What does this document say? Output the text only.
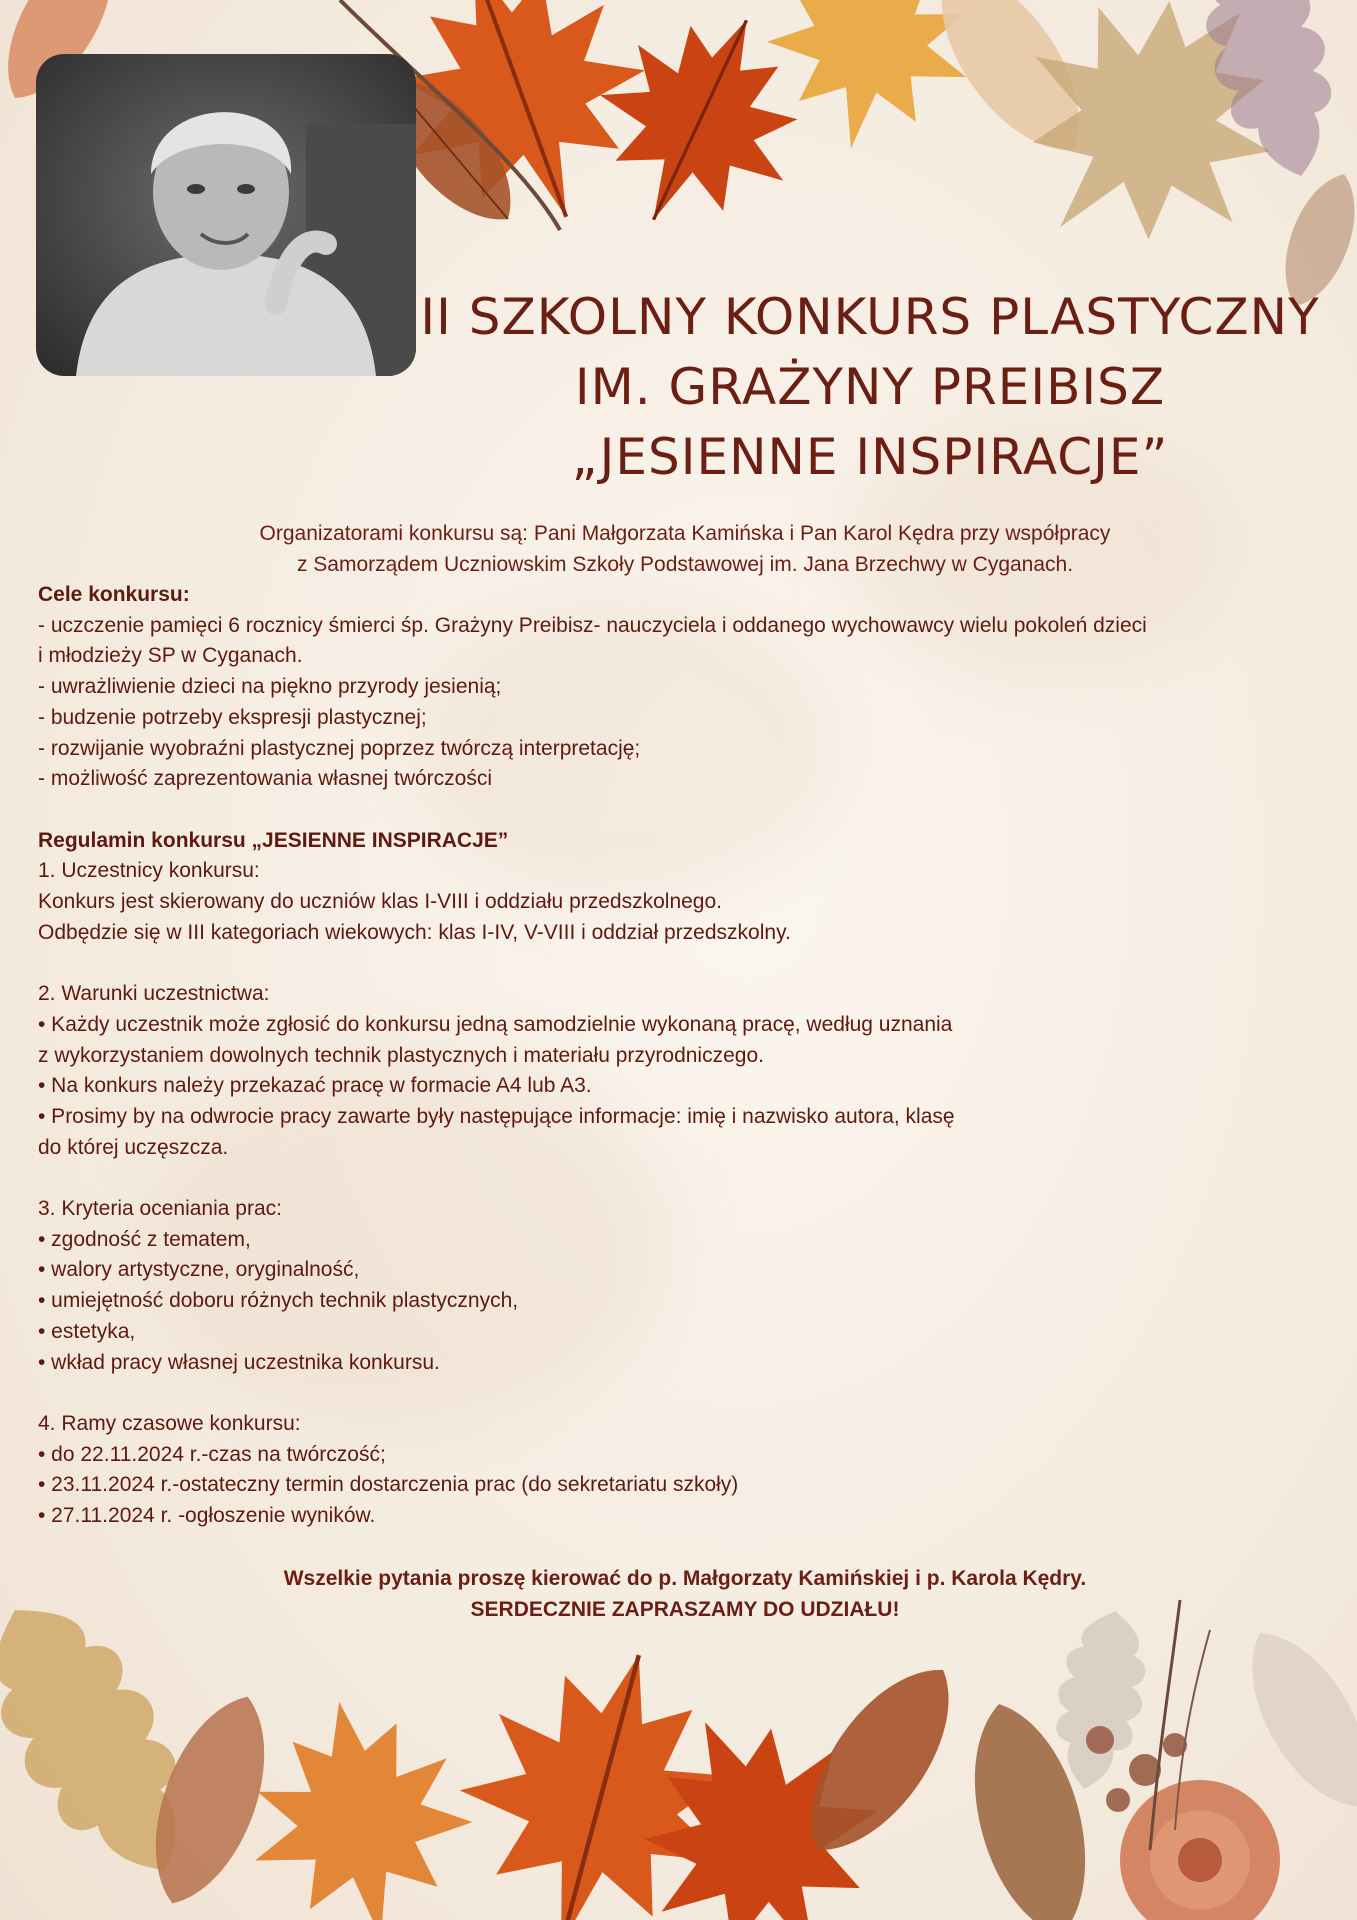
II SZKOLNY KONKURS PLASTYCZNY
IM. GRAŻYNY PREIBISZ
„JESIENNE INSPIRACJE”
Organizatorami konkursu są: Pani Małgorzata Kamińska i Pan Karol Kędra przy współpracy
z Samorządem Uczniowskim Szkoły Podstawowej im. Jana Brzechwy w Cyganach.
Cele konkursu:
- uczczenie pamięci 6 rocznicy śmierci śp. Grażyny Preibisz- nauczyciela i oddanego wychowawcy wielu pokoleń dzieci
i młodzieży SP w Cyganach.
- uwrażliwienie dzieci na piękno przyrody jesienią;
- budzenie potrzeby ekspresji plastycznej;
- rozwijanie wyobraźni plastycznej poprzez twórczą interpretację;
- możliwość zaprezentowania własnej twórczości
Regulamin konkursu „JESIENNE INSPIRACJE”
1. Uczestnicy konkursu:
Konkurs jest skierowany do uczniów klas I-VIII i oddziału przedszkolnego.
Odbędzie się w III kategoriach wiekowych: klas I-IV, V-VIII i oddział przedszkolny.
2. Warunki uczestnictwa:
• Każdy uczestnik może zgłosić do konkursu jedną samodzielnie wykonaną pracę, według uznania
z wykorzystaniem dowolnych technik plastycznych i materiału przyrodniczego.
• Na konkurs należy przekazać pracę w formacie A4 lub A3.
• Prosimy by na odwrocie pracy zawarte były następujące informacje: imię i nazwisko autora, klasę
do której uczęszcza.
3. Kryteria oceniania prac:
• zgodność z tematem,
• walory artystyczne, oryginalność,
• umiejętność doboru różnych technik plastycznych,
• estetyka,
• wkład pracy własnej uczestnika konkursu.
4. Ramy czasowe konkursu:
• do 22.11.2024 r.-czas na twórczość;
• 23.11.2024 r.-ostateczny termin dostarczenia prac (do sekretariatu szkoły)
• 27.11.2024 r. -ogłoszenie wyników.
Wszelkie pytania proszę kierować do p. Małgorzaty Kamińskiej i p. Karola Kędry.
SERDECZNIE ZAPRASZAMY DO UDZIAŁU!
